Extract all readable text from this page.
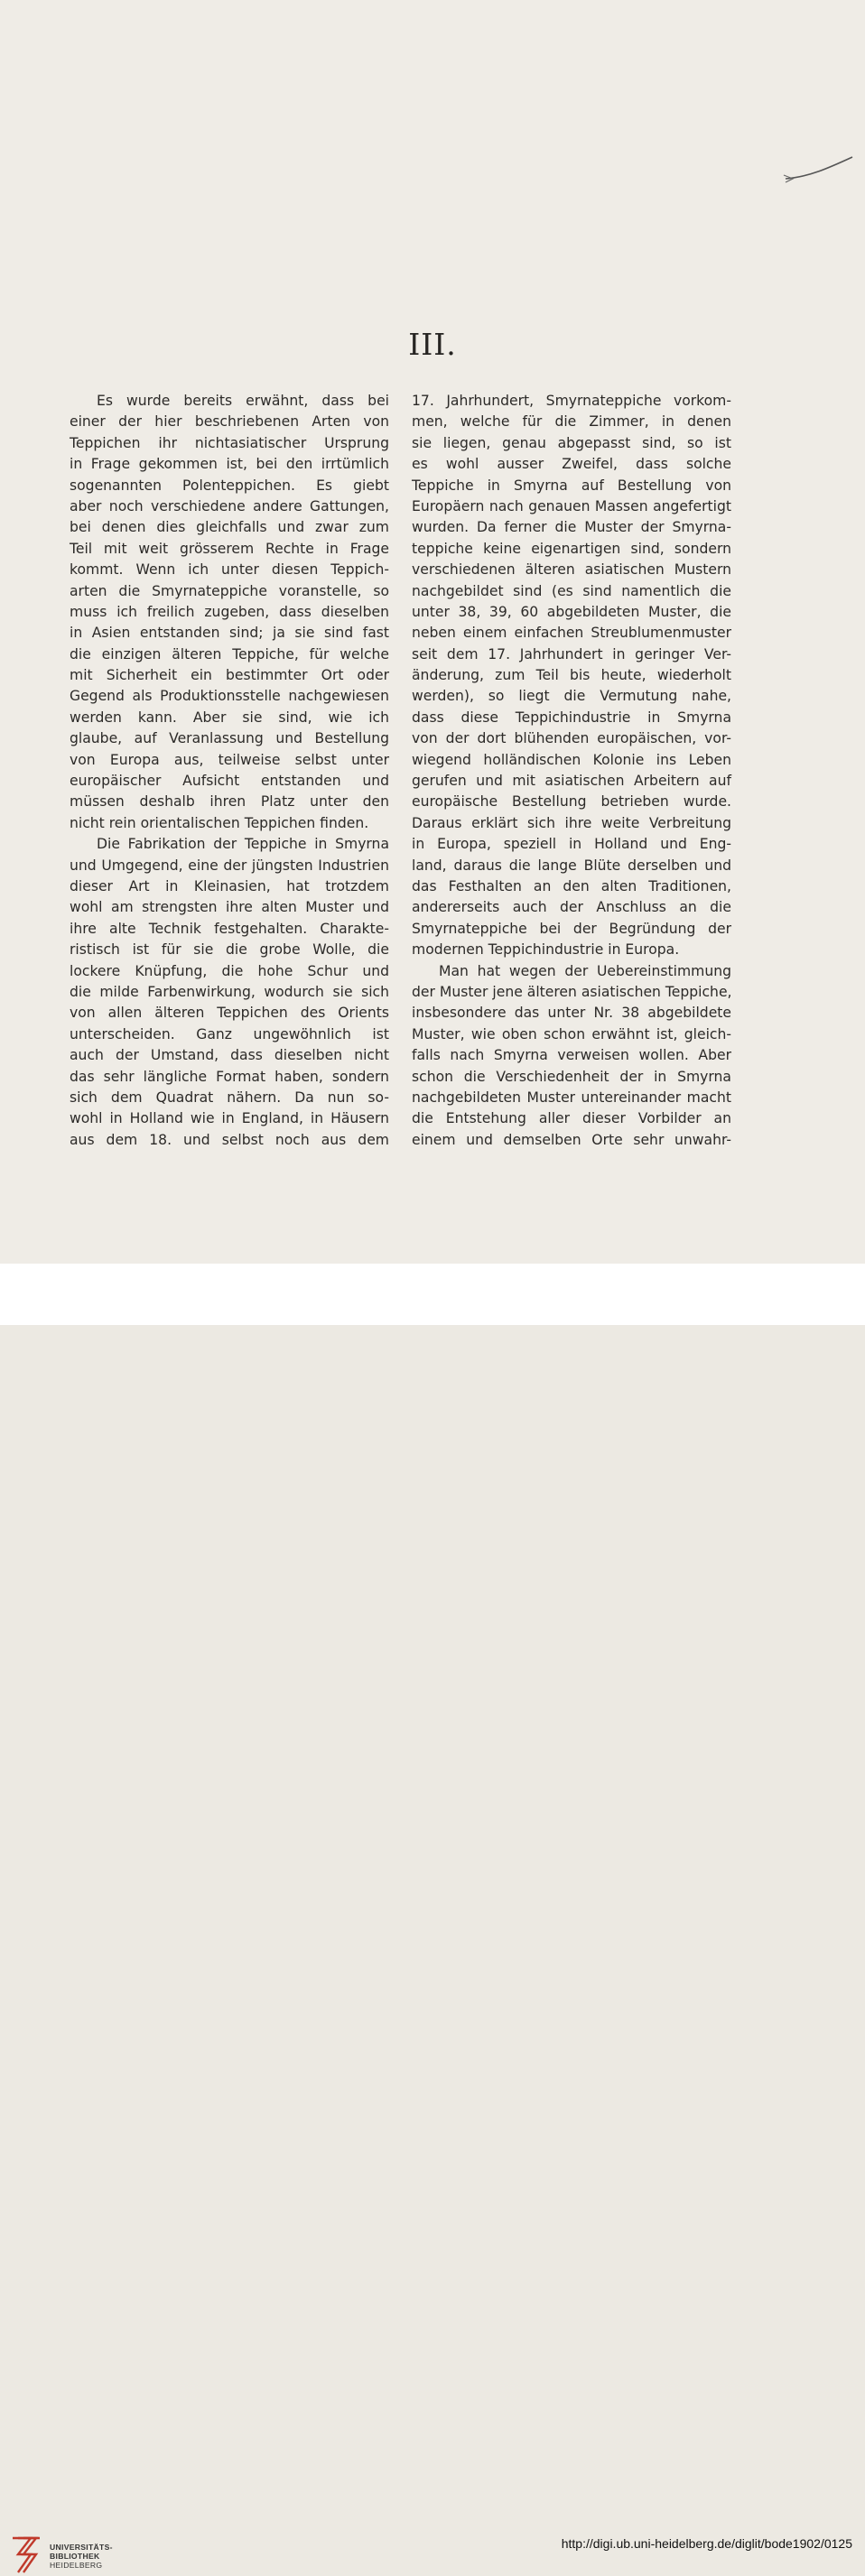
III.
Es wurde bereits erwähnt, dass bei
einer der hier beschriebenen Arten von
Teppichen ihr nichtasiatischer Ursprung
in Frage gekommen ist, bei den irrtümlich
sogenannten Polenteppichen. Es giebt
aber noch verschiedene andere Gattungen,
bei denen dies gleichfalls und zwar zum
Teil mit weit grösserem Rechte in Frage
kommt. Wenn ich unter diesen Teppich-
arten die Smyrnateppiche voranstelle, so
muss ich freilich zugeben, dass dieselben
in Asien entstanden sind; ja sie sind fast
die einzigen älteren Teppiche, für welche
mit Sicherheit ein bestimmter Ort oder
Gegend als Produktionsstelle nachgewiesen
werden kann. Aber sie sind, wie ich
glaube, auf Veranlassung und Bestellung
von Europa aus, teilweise selbst unter
europäischer Aufsicht entstanden und
müssen deshalb ihren Platz unter den
nicht rein orientalischen Teppichen finden.
Die Fabrikation der Teppiche in Smyrna
und Umgegend, eine der jüngsten Industrien
dieser Art in Kleinasien, hat trotzdem
wohl am strengsten ihre alten Muster und
ihre alte Technik festgehalten. Charakte-
ristisch ist für sie die grobe Wolle, die
lockere Knüpfung, die hohe Schur und
die milde Farbenwirkung, wodurch sie sich
von allen älteren Teppichen des Orients
unterscheiden. Ganz ungewöhnlich ist
auch der Umstand, dass dieselben nicht
das sehr längliche Format haben, sondern
sich dem Quadrat nähern. Da nun so-
wohl in Holland wie in England, in Häusern
aus dem 18. und selbst noch aus dem
17. Jahrhundert, Smyrnateppiche vorkom-
men, welche für die Zimmer, in denen
sie liegen, genau abgepasst sind, so ist
es wohl ausser Zweifel, dass solche
Teppiche in Smyrna auf Bestellung von
Europäern nach genauen Massen angefertigt
wurden. Da ferner die Muster der Smyrna-
teppiche keine eigenartigen sind, sondern
verschiedenen älteren asiatischen Mustern
nachgebildet sind (es sind namentlich die
unter 38, 39, 60 abgebildeten Muster, die
neben einem einfachen Streublumenmuster
seit dem 17. Jahrhundert in geringer Ver-
änderung, zum Teil bis heute, wiederholt
werden), so liegt die Vermutung nahe,
dass diese Teppichindustrie in Smyrna
von der dort blühenden europäischen, vor-
wiegend holländischen Kolonie ins Leben
gerufen und mit asiatischen Arbeitern auf
europäische Bestellung betrieben wurde.
Daraus erklärt sich ihre weite Verbreitung
in Europa, speziell in Holland und Eng-
land, daraus die lange Blüte derselben und
das Festhalten an den alten Traditionen,
andererseits auch der Anschluss an die
Smyrnateppiche bei der Begründung der
modernen Teppichindustrie in Europa.
Man hat wegen der Uebereinstimmung
der Muster jene älteren asiatischen Teppiche,
insbesondere das unter Nr. 38 abgebildete
Muster, wie oben schon erwähnt ist, gleich-
falls nach Smyrna verweisen wollen. Aber
schon die Verschiedenheit der in Smyrna
nachgebildeten Muster untereinander macht
die Entstehung aller dieser Vorbilder an
einem und demselben Orte sehr unwahr-
UNIVERSITÄTS-
BIBLIOTHEK
HEIDELBERG
http://digi.ub.uni-heidelberg.de/diglit/bode1902/0125
